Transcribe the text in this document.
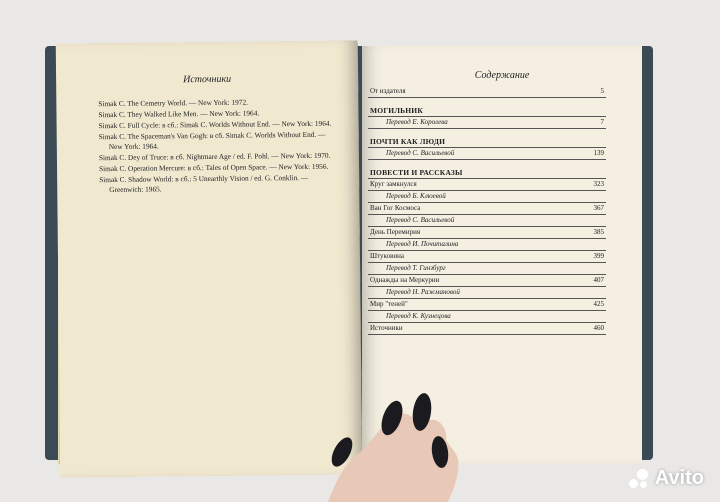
Источники
Simak C. The Cemetry World. — New York: 1972.
Simak C. They Walked Like Men. — New York: 1964.
Simak C. Full Cycle: в сб.: Simak C. Worlds Without End. — New York: 1964.
Simak C. The Spaceman's Van Gogh: в сб. Simak C. Worlds Without End. — New York: 1964.
Simak C. Dey of Truce: в сб. Nightmare Age / ed. F. Pohl. — New York: 1970.
Simak C. Operation Mercure: в сб.: Tales of Open Space. — New York: 1956.
Simak C. Shadow World: в сб.: 5 Unearthly Vision / ed. G. Conklin. — Greenwich: 1965.
Содержание
От издателя	5
МОГИЛЬНИК
Перевод Е. Королева	7
ПОЧТИ КАК ЛЮДИ
Перевод С. Васильевой	139
ПОВЕСТИ И РАССКАЗЫ
Круг замкнулся	323
Перевод Б. Клюевой
Ван Гог Космоса	367
Перевод С. Васильевой
День Перемирия	385
Перевод И. Почиталина
Штуковина	399
Перевод Т. Гинзбург
Однажды на Меркурии	407
Перевод Н. Ражмановой
Мир "теней"	425
Перевод К. Кузнецова
Источники	460
Avito
